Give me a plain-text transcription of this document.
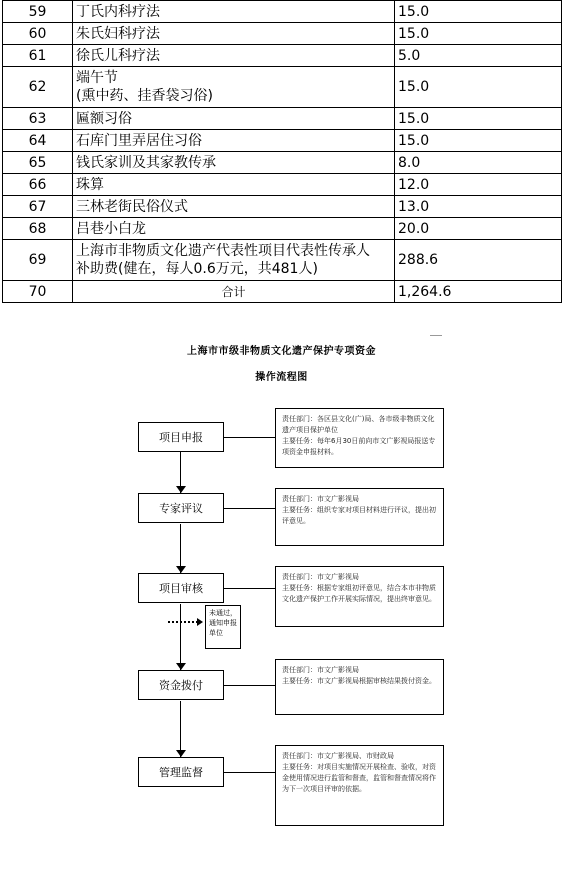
59	丁氏内科疗法	15.0
60	朱氏妇科疗法	15.0
61	徐氏儿科疗法	5.0
62	端午节
(熏中药、挂香袋习俗)	15.0
63	匾额习俗	15.0
64	石库门里弄居住习俗	15.0
65	钱氏家训及其家教传承	8.0
66	珠算	12.0
67	三林老街民俗仪式	13.0
68	吕巷小白龙	20.0
69	上海市非物质文化遗产代表性项目代表性传承人
补助费(健在，每人0.6万元，共481人)	288.6
70	合计	1,264.6
上海市市级非物质文化遗产保护专项资金
操作流程图
项目申报
专家评议
项目审核
资金拨付
管理监督
未通过，通知申报单位
责任部门：各区县文化(广)局、各市级非物质文化遗产项目保护单位
主要任务：每年6月30日前向市文广影视局报送专项资金申报材料。
责任部门：市文广影视局
主要任务：组织专家对项目材料进行评议，提出初评意见。
责任部门：市文广影视局
主要任务：根据专家组初评意见，结合本市非物质文化遗产保护工作开展实际情况，提出终审意见。
责任部门：市文广影视局
主要任务：市文广影视局根据审核结果拨付资金。
责任部门：市文广影视局、市财政局
主要任务：对项目实施情况开展检查、验收，对资金使用情况进行监管和督查，监管和督查情况将作为下一次项目评审的依据。
